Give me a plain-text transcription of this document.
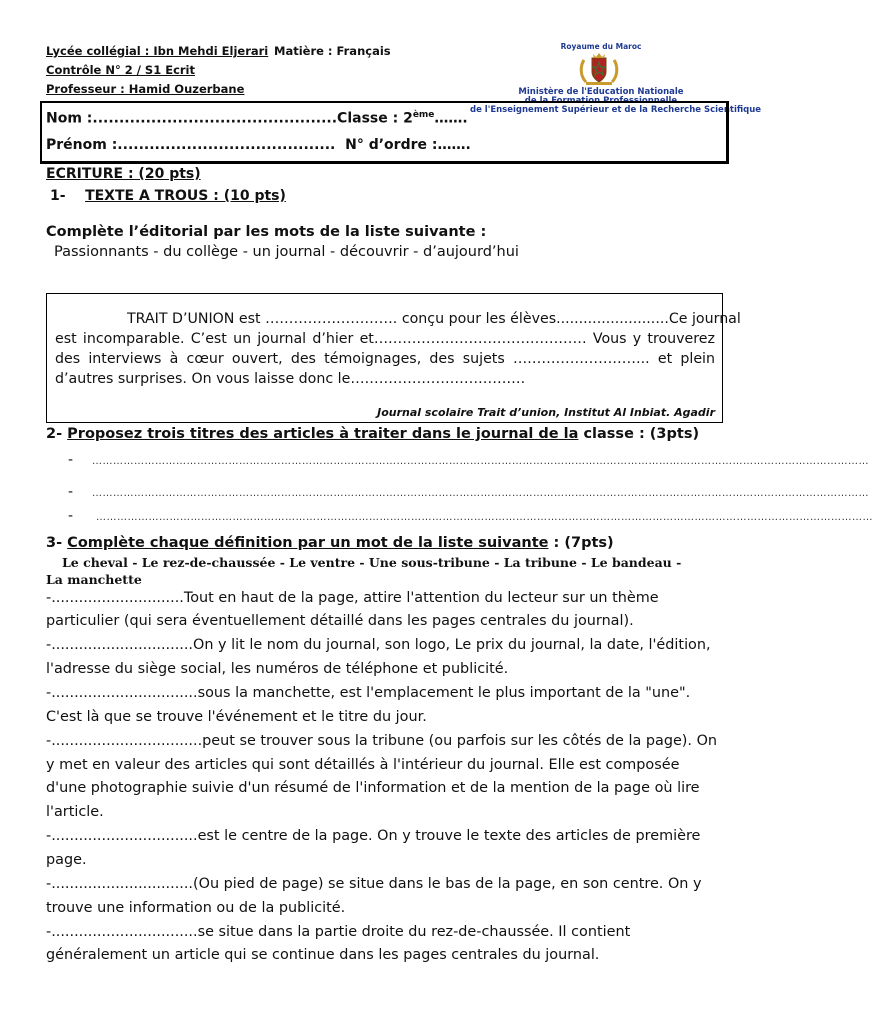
Lycée collégial : Ibn Mehdi Eljerari Matière : Français
Contrôle N° 2 / S1 Ecrit
Professeur : Hamid Ouzerbane
Royaume du Maroc
Ministère de l'Education Nationale
de la Formation Professionnelle
de l'Enseignement Supérieur et de la Recherche Scientifique
Nom :..............................................Classe : 2ème…….
Prénom :......................................... N° d’ordre :…….
ECRITURE : (20 pts)
1- TEXTE A TROUS : (10 pts)
Complète l’éditorial par les mots de la liste suivante :
Passionnants - du collège - un journal - découvrir - d’aujourd’hui
TRAIT D’UNION est ………………………. conçu pour les élèves.........................Ce journal
est incomparable. C’est un journal d’hier et……………………………………… Vous y trouverez
des interviews à cœur ouvert, des témoignages, des sujets ……………………….. et plein
d’autres surprises. On vous laisse donc le……………………………….
Journal scolaire Trait d’union, Institut Al Inbiat. Agadir
2- Proposez trois titres des articles à traiter dans le journal de la classe : (3pts)
- ……………………………………………………………………………………………………………………………………………………………………………………………………
- ……………………………………………………………………………………………………………………………………………………………………………………………………
- ……………………………………………………………………………………………………………………………………………………………………………………………………
3- Complète chaque définition par un mot de la liste suivante : (7pts)
Le cheval - Le rez-de-chaussée - Le ventre - Une sous-tribune - La tribune - Le bandeau -
La manchette
-.............................Tout en haut de la page, attire l'attention du lecteur sur un thème
particulier (qui sera éventuellement détaillé dans les pages centrales du journal).
-...............................On y lit le nom du journal, son logo, Le prix du journal, la date, l'édition,
l'adresse du siège social, les numéros de téléphone et publicité.
-................................sous la manchette, est l'emplacement le plus important de la "une".
C'est là que se trouve l'événement et le titre du jour.
-.................................peut se trouver sous la tribune (ou parfois sur les côtés de la page). On
y met en valeur des articles qui sont détaillés à l'intérieur du journal. Elle est composée
d'une photographie suivie d'un résumé de l'information et de la mention de la page où lire
l'article.
-................................est le centre de la page. On y trouve le texte des articles de première
page.
-...............................(Ou pied de page) se situe dans le bas de la page, en son centre. On y
trouve une information ou de la publicité.
-................................se situe dans la partie droite du rez-de-chaussée. Il contient
généralement un article qui se continue dans les pages centrales du journal.
